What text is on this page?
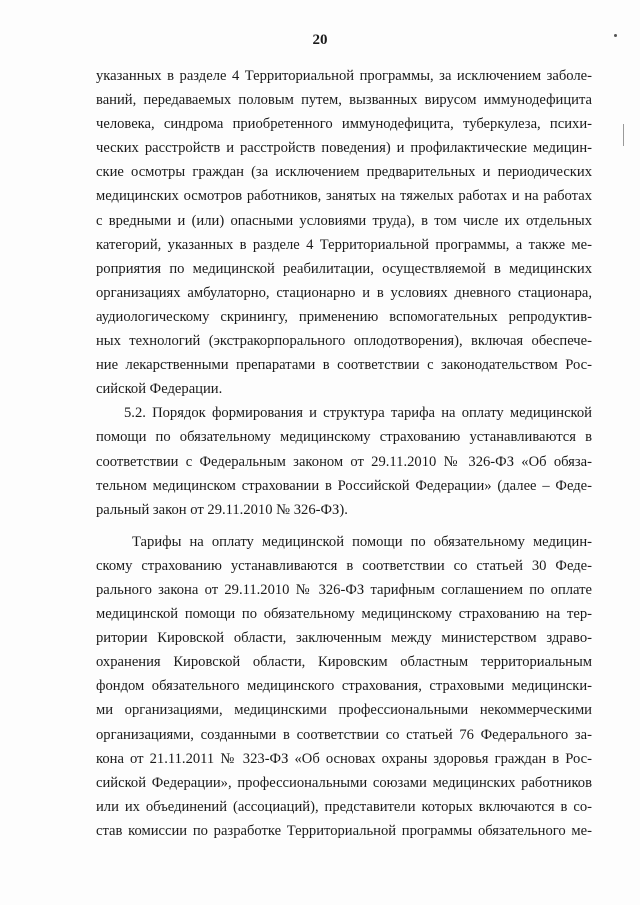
20
указанных в разделе 4 Территориальной программы, за исключением заболе-
ваний, передаваемых половым путем, вызванных вирусом иммунодефицита
человека, синдрома приобретенного иммунодефицита, туберкулеза, психи-
ческих расстройств и расстройств поведения) и профилактические медицин-
ские осмотры граждан (за исключением предварительных и периодических
медицинских осмотров работников, занятых на тяжелых работах и на работах
с вредными и (или) опасными условиями труда), в том числе их отдельных
категорий, указанных в разделе 4 Территориальной программы, а также ме-
роприятия по медицинской реабилитации, осуществляемой в медицинских
организациях амбулаторно, стационарно и в условиях дневного стационара,
аудиологическому скринингу, применению вспомогательных репродуктив-
ных технологий (экстракорпорального оплодотворения), включая обеспече-
ние лекарственными препаратами в соответствии с законодательством Рос-
сийской Федерации.
5.2. Порядок формирования и структура тарифа на оплату медицинской
помощи по обязательному медицинскому страхованию устанавливаются в
соответствии с Федеральным законом от 29.11.2010 № 326-ФЗ «Об обяза-
тельном медицинском страховании в Российской Федерации» (далее – Феде-
ральный закон от 29.11.2010 № 326-ФЗ).
Тарифы на оплату медицинской помощи по обязательному медицин-
скому страхованию устанавливаются в соответствии со статьей 30 Феде-
рального закона от 29.11.2010 № 326-ФЗ тарифным соглашением по оплате
медицинской помощи по обязательному медицинскому страхованию на тер-
ритории Кировской области, заключенным между министерством здраво-
охранения Кировской области, Кировским областным территориальным
фондом обязательного медицинского страхования, страховыми медицински-
ми организациями, медицинскими профессиональными некоммерческими
организациями, созданными в соответствии со статьей 76 Федерального за-
кона от 21.11.2011 № 323-ФЗ «Об основах охраны здоровья граждан в Рос-
сийской Федерации», профессиональными союзами медицинских работников
или их объединений (ассоциаций), представители которых включаются в со-
став комиссии по разработке Территориальной программы обязательного ме-
